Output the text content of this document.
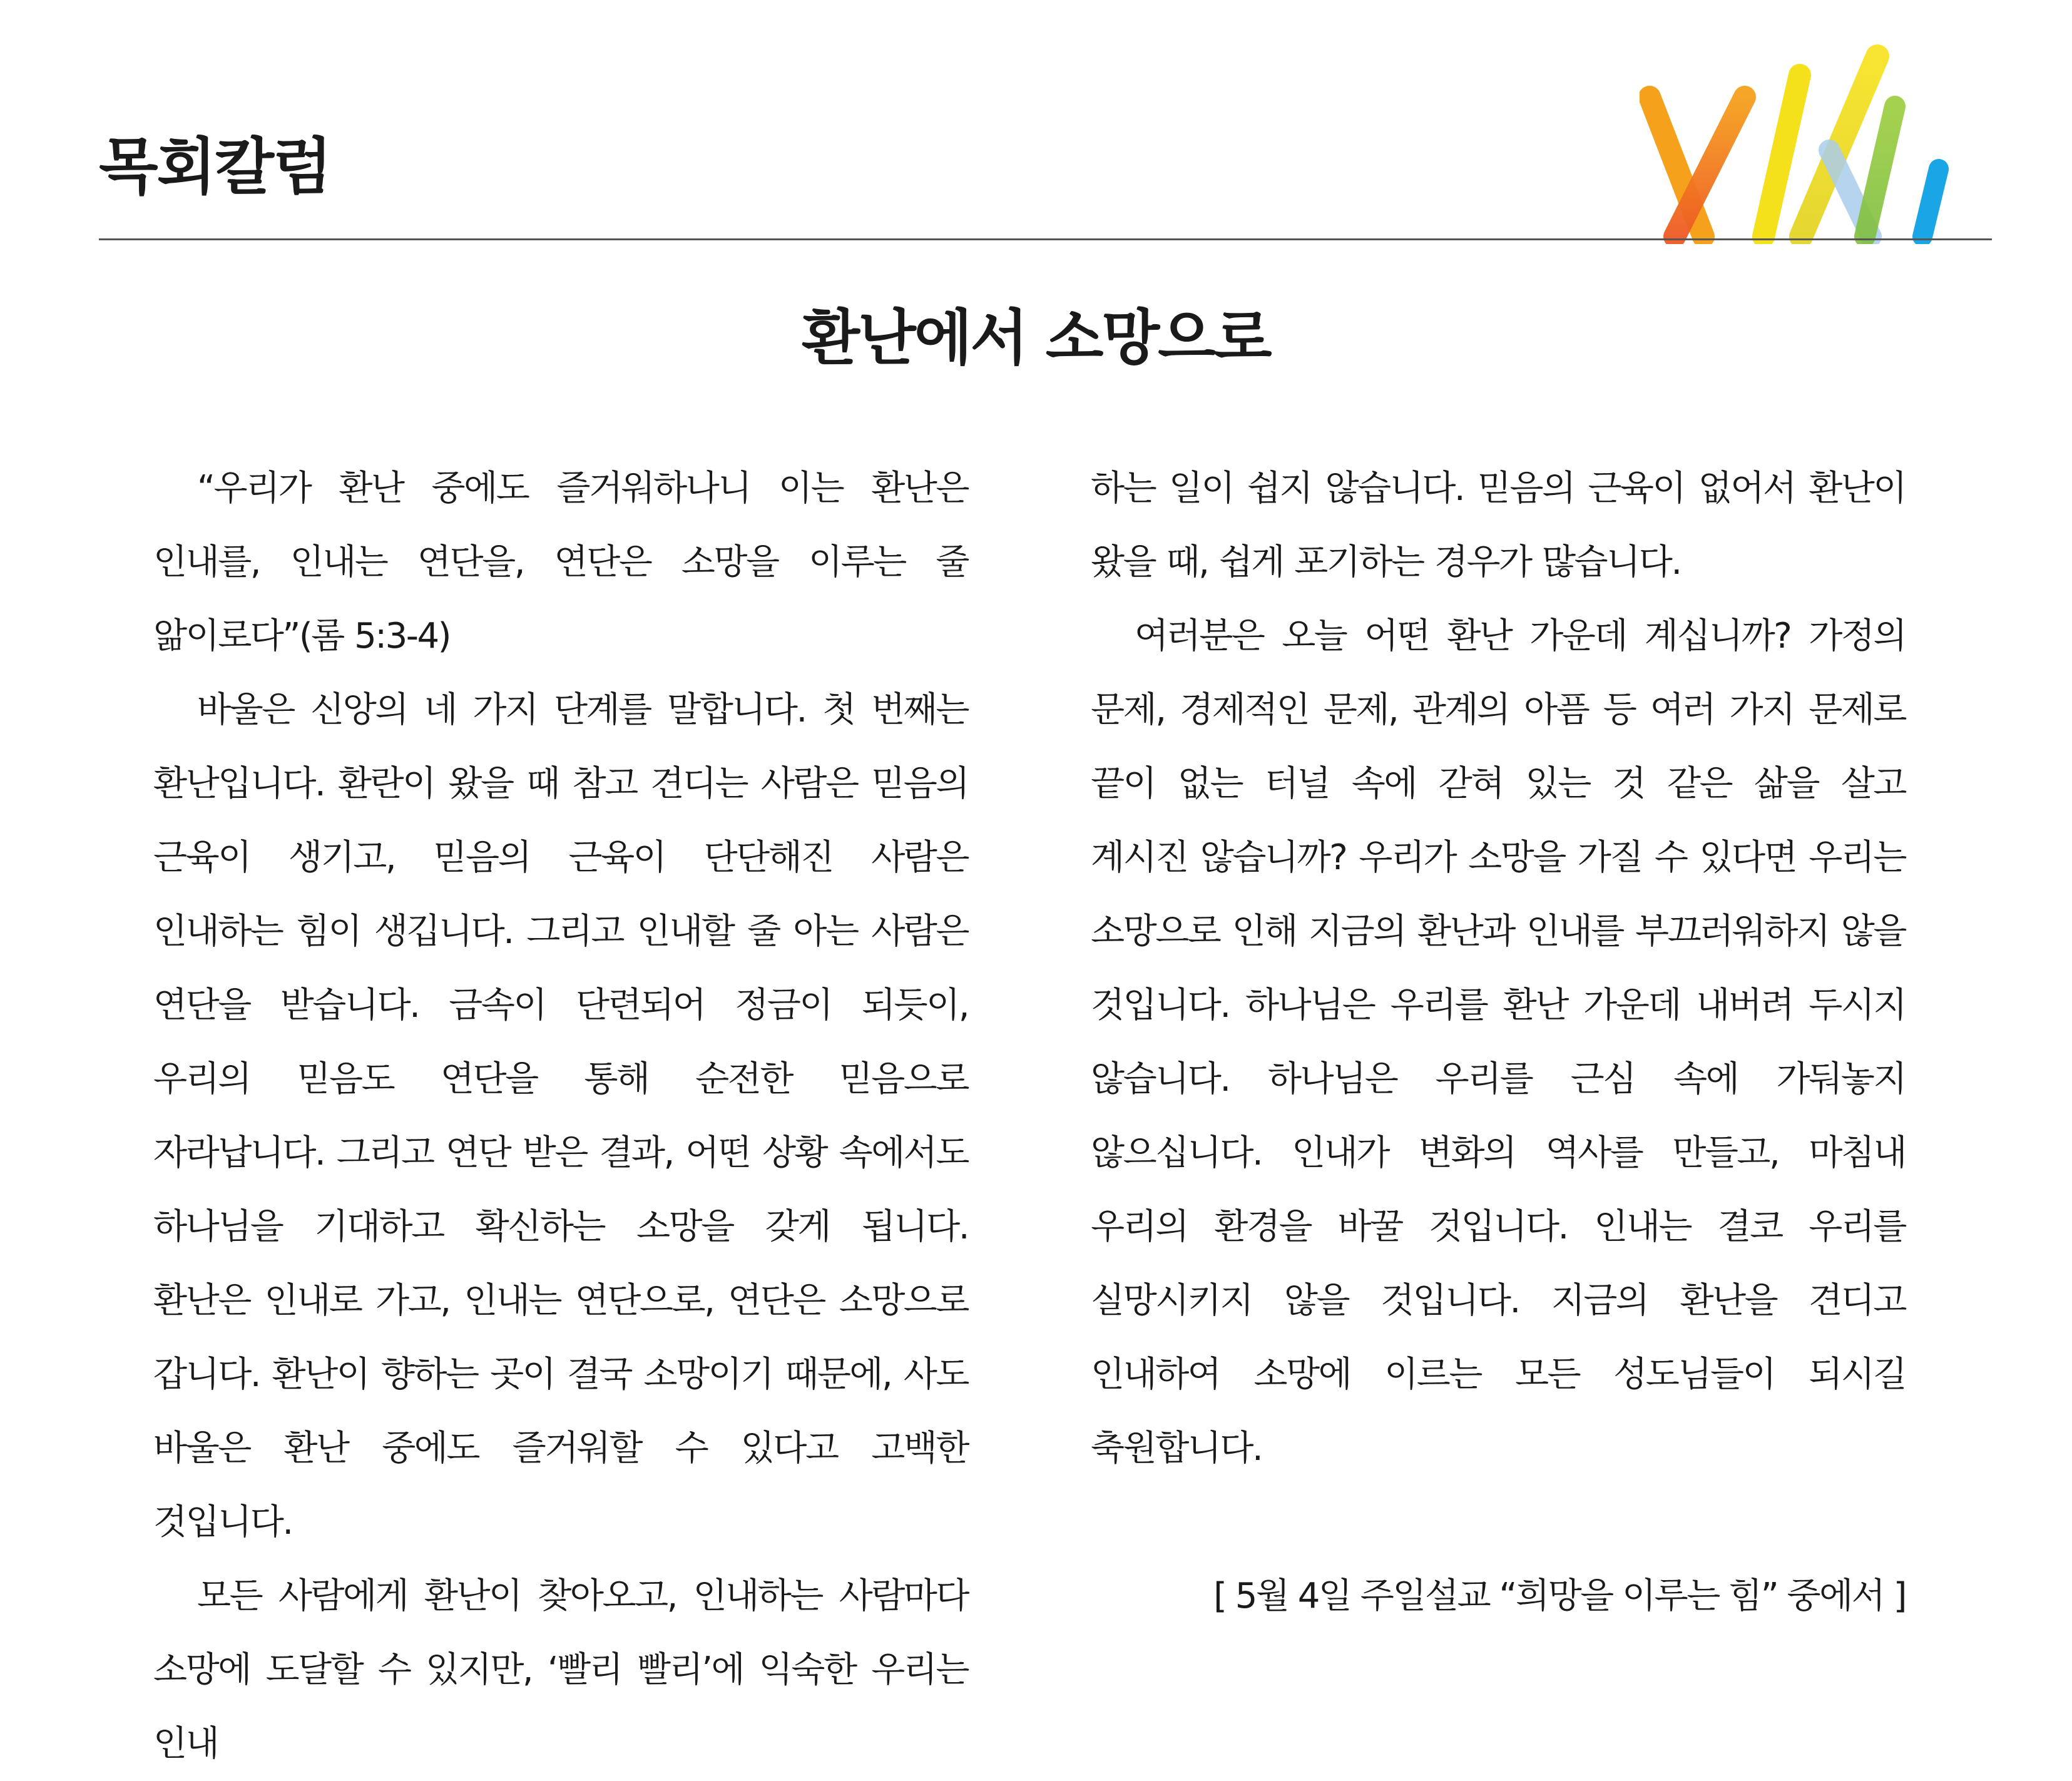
목회칼럼
환난에서 소망으로

“우리가 환난 중에도 즐거워하나니 이는 환난은 인내를, 인내는 연단을, 연단은 소망을 이루는 줄 앎이로다”(롬 5:3-4)

바울은 신앙의 네 가지 단계를 말합니다. 첫 번째는 환난입니다. 환란이 왔을 때 참고 견디는 사람은 믿음의 근육이 생기고, 믿음의 근육이 단단해진 사람은 인내하는 힘이 생깁니다. 그리고 인내할 줄 아는 사람은 연단을 받습니다. 금속이 단련되어 정금이 되듯이, 우리의 믿음도 연단을 통해 순전한 믿음으로 자라납니다. 그리고 연단 받은 결과, 어떤 상황 속에서도 하나님을 기대하고 확신하는 소망을 갖게 됩니다. 환난은 인내로 가고, 인내는 연단으로, 연단은 소망으로 갑니다. 환난이 향하는 곳이 결국 소망이기 때문에, 사도 바울은 환난 중에도 즐거워할 수 있다고 고백한 것입니다.

모든 사람에게 환난이 찾아오고, 인내하는 사람마다 소망에 도달할 수 있지만, ‘빨리 빨리’에 익숙한 우리는 인내

하는 일이 쉽지 않습니다. 믿음의 근육이 없어서 환난이 왔을 때, 쉽게 포기하는 경우가 많습니다.

여러분은 오늘 어떤 환난 가운데 계십니까? 가정의 문제, 경제적인 문제, 관계의 아픔 등 여러 가지 문제로 끝이 없는 터널 속에 갇혀 있는 것 같은 삶을 살고 계시진 않습니까? 우리가 소망을 가질 수 있다면 우리는 소망으로 인해 지금의 환난과 인내를 부끄러워하지 않을 것입니다. 하나님은 우리를 환난 가운데 내버려 두시지 않습니다. 하나님은 우리를 근심 속에 가둬놓지 않으십니다. 인내가 변화의 역사를 만들고, 마침내 우리의 환경을 바꿀 것입니다. 인내는 결코 우리를 실망시키지 않을 것입니다. 지금의 환난을 견디고 인내하여 소망에 이르는 모든 성도님들이 되시길 축원합니다.

[ 5월 4일 주일설교 “희망을 이루는 힘” 중에서 ]
